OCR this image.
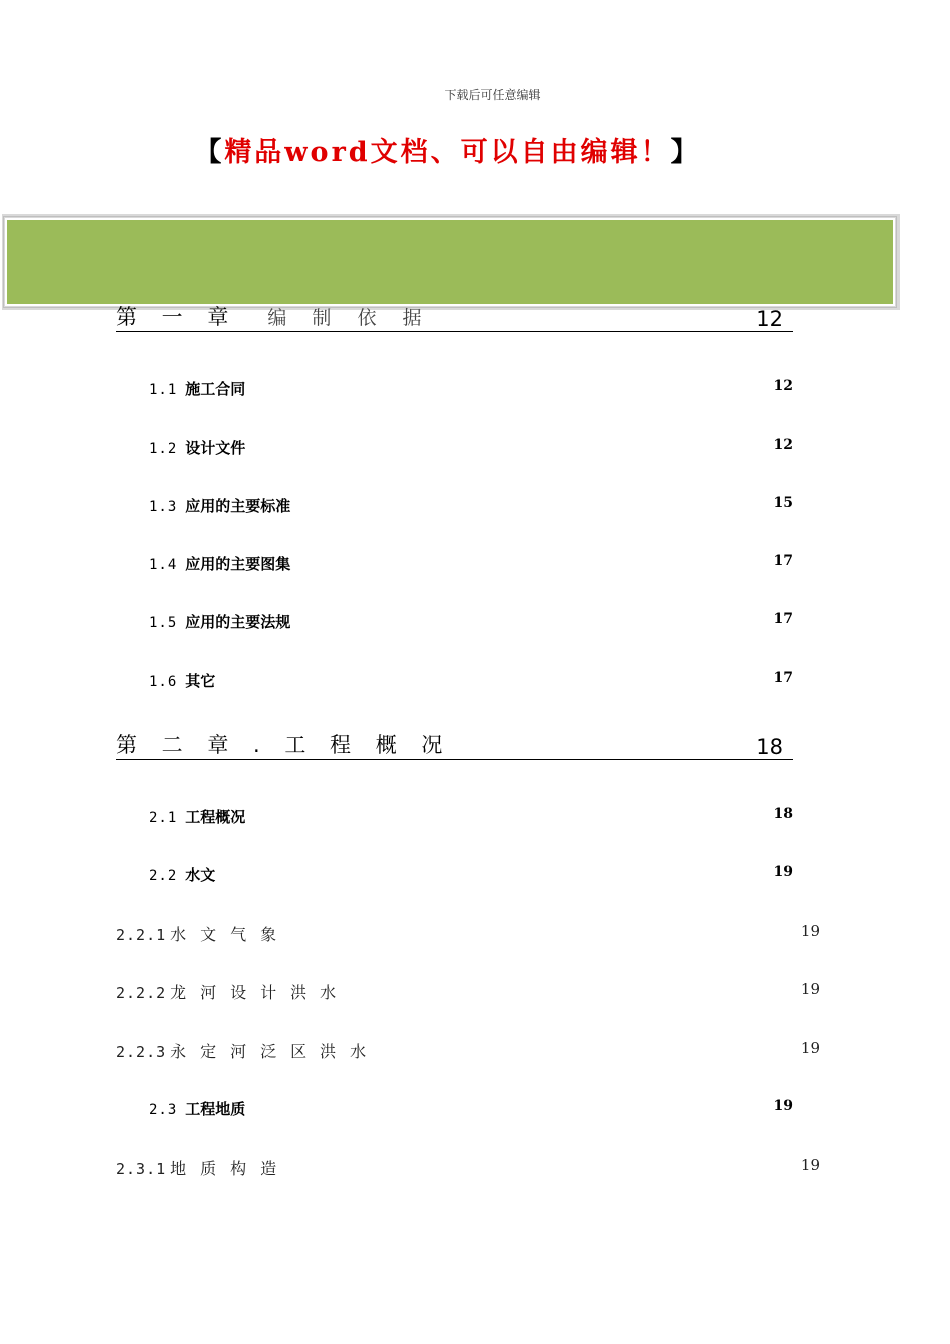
下载后可任意编辑
【精品word文档、可以自由编辑！】
第 一 章 编 制 依 据	12
1.1 施工合同	12
1.2 设计文件	12
1.3 应用的主要标准	15
1.4 应用的主要图集	17
1.5 应用的主要法规	17
1.6 其它	17
第 二 章 . 工 程 概 况	18
2.1 工程概况	18
2.2 水文	19
2.2.1 水文气象	19
2.2.2 龙河设计洪水	19
2.2.3 永定河泛区洪水	19
2.3 工程地质	19
2.3.1 地质构造	19
